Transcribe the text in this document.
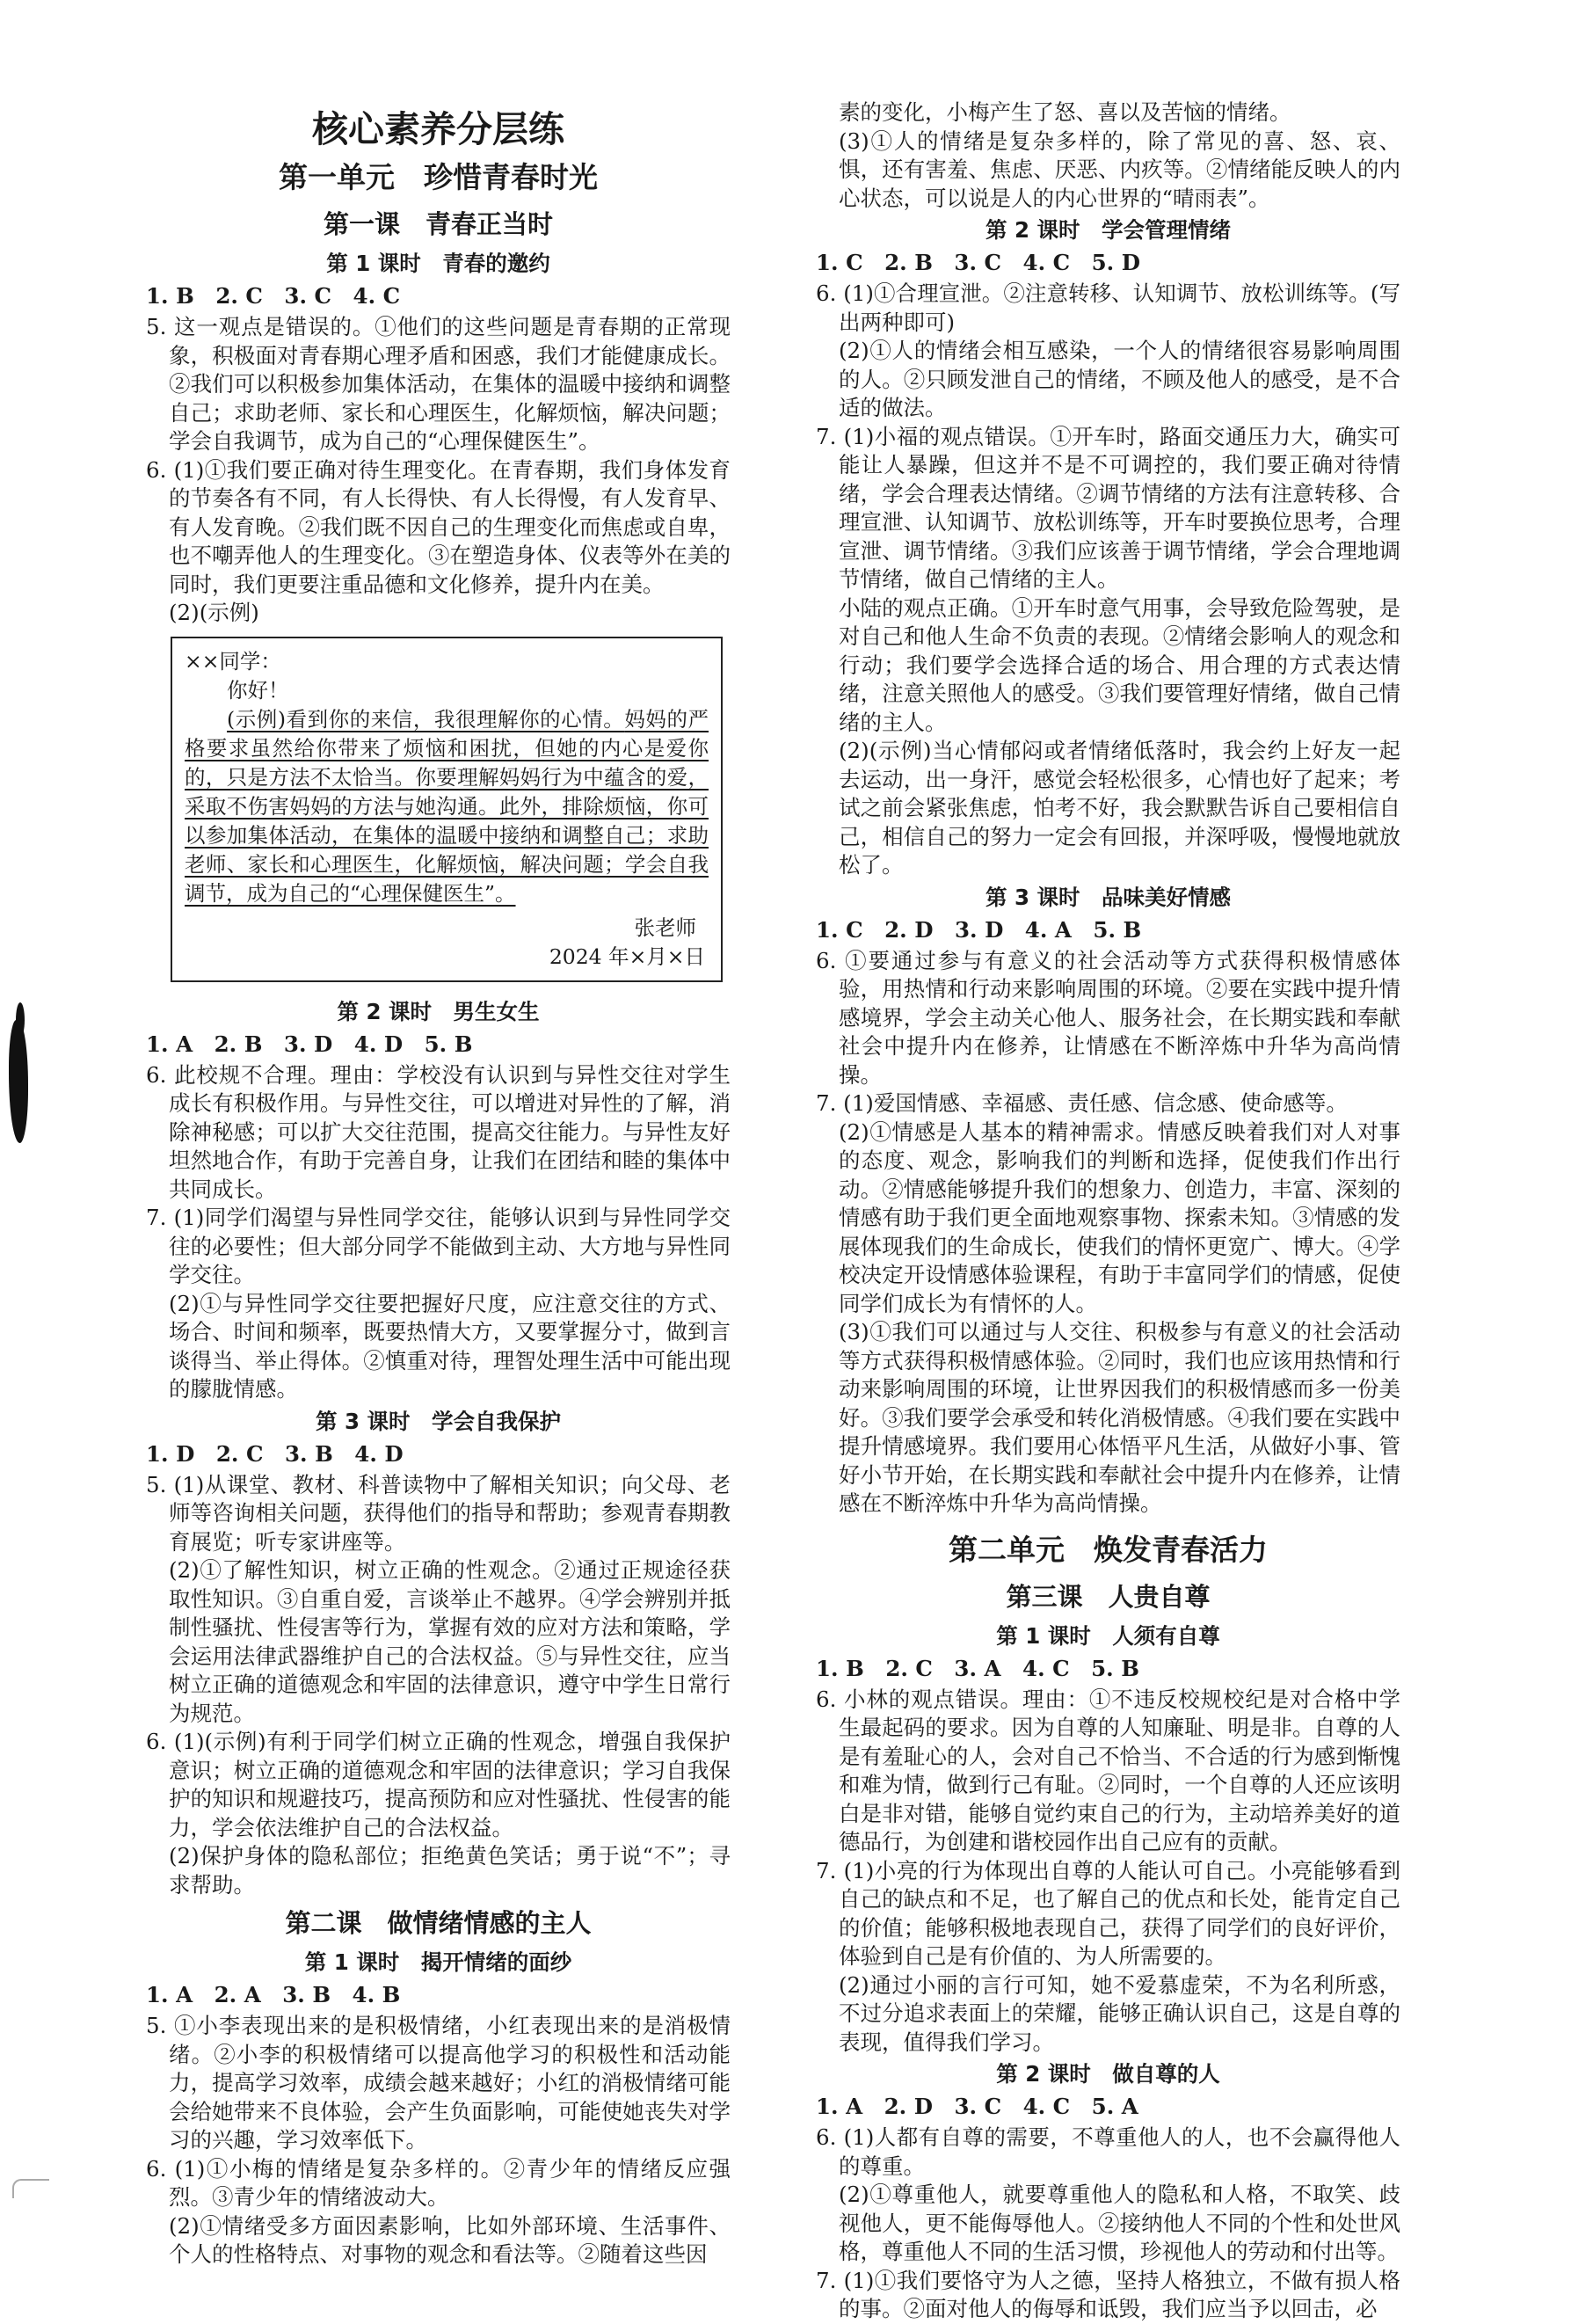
核心素养分层练
第一单元　珍惜青春时光
第一课　青春正当时
第 1 课时　青春的邀约

1. B　2. C　3. C　4. C

5. 这一观点是错误的。①他们的这些问题是青春期的正常现象，积极面对青春期心理矛盾和困惑，我们才能健康成长。②我们可以积极参加集体活动，在集体的温暖中接纳和调整自己；求助老师、家长和心理医生，化解烦恼，解决问题；学会自我调节，成为自己的“心理保健医生”。

6. (1)①我们要正确对待生理变化。在青春期，我们身体发育的节奏各有不同，有人长得快、有人长得慢，有人发育早、有人发育晚。②我们既不因自己的生理变化而焦虑或自卑，也不嘲弄他人的生理变化。③在塑造身体、仪表等外在美的同时，我们更要注重品德和文化修养，提升内在美。

(2)(示例)

××同学：

你好！

(示例)看到你的来信，我很理解你的心情。妈妈的严格要求虽然给你带来了烦恼和困扰，但她的内心是爱你的，只是方法不太恰当。你要理解妈妈行为中蕴含的爱，采取不伤害妈妈的方法与她沟通。此外，排除烦恼，你可以参加集体活动，在集体的温暖中接纳和调整自己；求助老师、家长和心理医生，化解烦恼，解决问题；学会自我调节，成为自己的“心理保健医生”。

张老师

2024 年×月×日

第 2 课时　男生女生

1. A　2. B　3. D　4. D　5. B

6. 此校规不合理。理由：学校没有认识到与异性交往对学生成长有积极作用。与异性交往，可以增进对异性的了解，消除神秘感；可以扩大交往范围，提高交往能力。与异性友好坦然地合作，有助于完善自身，让我们在团结和睦的集体中共同成长。

7. (1)同学们渴望与异性同学交往，能够认识到与异性同学交往的必要性；但大部分同学不能做到主动、大方地与异性同学交往。

(2)①与异性同学交往要把握好尺度，应注意交往的方式、场合、时间和频率，既要热情大方，又要掌握分寸，做到言谈得当、举止得体。②慎重对待，理智处理生活中可能出现的朦胧情感。

第 3 课时　学会自我保护

1. D　2. C　3. B　4. D

5. (1)从课堂、教材、科普读物中了解相关知识；向父母、老师等咨询相关问题，获得他们的指导和帮助；参观青春期教育展览；听专家讲座等。

(2)①了解性知识，树立正确的性观念。②通过正规途径获取性知识。③自重自爱，言谈举止不越界。④学会辨别并抵制性骚扰、性侵害等行为，掌握有效的应对方法和策略，学会运用法律武器维护自己的合法权益。⑤与异性交往，应当树立正确的道德观念和牢固的法律意识，遵守中学生日常行为规范。

6. (1)(示例)有利于同学们树立正确的性观念，增强自我保护意识；树立正确的道德观念和牢固的法律意识；学习自我保护的知识和规避技巧，提高预防和应对性骚扰、性侵害的能力，学会依法维护自己的合法权益。

(2)保护身体的隐私部位；拒绝黄色笑话；勇于说“不”；寻求帮助。

第二课　做情绪情感的主人
第 1 课时　揭开情绪的面纱

1. A　2. A　3. B　4. B

5. ①小李表现出来的是积极情绪，小红表现出来的是消极情绪。②小李的积极情绪可以提高他学习的积极性和活动能力，提高学习效率，成绩会越来越好；小红的消极情绪可能会给她带来不良体验，会产生负面影响，可能使她丧失对学习的兴趣，学习效率低下。

6. (1)①小梅的情绪是复杂多样的。②青少年的情绪反应强烈。③青少年的情绪波动大。

(2)①情绪受多方面因素影响，比如外部环境、生活事件、个人的性格特点、对事物的观念和看法等。②随着这些因

素的变化，小梅产生了怒、喜以及苦恼的情绪。

(3)①人的情绪是复杂多样的，除了常见的喜、怒、哀、惧，还有害羞、焦虑、厌恶、内疚等。②情绪能反映人的内心状态，可以说是人的内心世界的“晴雨表”。

第 2 课时　学会管理情绪

1. C　2. B　3. C　4. C　5. D

6. (1)①合理宣泄。②注意转移、认知调节、放松训练等。(写出两种即可)

(2)①人的情绪会相互感染，一个人的情绪很容易影响周围的人。②只顾发泄自己的情绪，不顾及他人的感受，是不合适的做法。

7. (1)小福的观点错误。①开车时，路面交通压力大，确实可能让人暴躁，但这并不是不可调控的，我们要正确对待情绪，学会合理表达情绪。②调节情绪的方法有注意转移、合理宣泄、认知调节、放松训练等，开车时要换位思考，合理宣泄、调节情绪。③我们应该善于调节情绪，学会合理地调节情绪，做自己情绪的主人。

小陆的观点正确。①开车时意气用事，会导致危险驾驶，是对自己和他人生命不负责的表现。②情绪会影响人的观念和行动；我们要学会选择合适的场合、用合理的方式表达情绪，注意关照他人的感受。③我们要管理好情绪，做自己情绪的主人。

(2)(示例)当心情郁闷或者情绪低落时，我会约上好友一起去运动，出一身汗，感觉会轻松很多，心情也好了起来；考试之前会紧张焦虑，怕考不好，我会默默告诉自己要相信自己，相信自己的努力一定会有回报，并深呼吸，慢慢地就放松了。

第 3 课时　品味美好情感

1. C　2. D　3. D　4. A　5. B

6. ①要通过参与有意义的社会活动等方式获得积极情感体验，用热情和行动来影响周围的环境。②要在实践中提升情感境界，学会主动关心他人、服务社会，在长期实践和奉献社会中提升内在修养，让情感在不断淬炼中升华为高尚情操。

7. (1)爱国情感、幸福感、责任感、信念感、使命感等。

(2)①情感是人基本的精神需求。情感反映着我们对人对事的态度、观念，影响我们的判断和选择，促使我们作出行动。②情感能够提升我们的想象力、创造力，丰富、深刻的情感有助于我们更全面地观察事物、探索未知。③情感的发展体现我们的生命成长，使我们的情怀更宽广、博大。④学校决定开设情感体验课程，有助于丰富同学们的情感，促使同学们成长为有情怀的人。

(3)①我们可以通过与人交往、积极参与有意义的社会活动等方式获得积极情感体验。②同时，我们也应该用热情和行动来影响周围的环境，让世界因我们的积极情感而多一份美好。③我们要学会承受和转化消极情感。④我们要在实践中提升情感境界。我们要用心体悟平凡生活，从做好小事、管好小节开始，在长期实践和奉献社会中提升内在修养，让情感在不断淬炼中升华为高尚情操。

第二单元　焕发青春活力
第三课　人贵自尊
第 1 课时　人须有自尊

1. B　2. C　3. A　4. C　5. B

6. 小林的观点错误。理由：①不违反校规校纪是对合格中学生最起码的要求。因为自尊的人知廉耻、明是非。自尊的人是有羞耻心的人，会对自己不恰当、不合适的行为感到惭愧和难为情，做到行己有耻。②同时，一个自尊的人还应该明白是非对错，能够自觉约束自己的行为，主动培养美好的道德品行，为创建和谐校园作出自己应有的贡献。

7. (1)小亮的行为体现出自尊的人能认可自己。小亮能够看到自己的缺点和不足，也了解自己的优点和长处，能肯定自己的价值；能够积极地表现自己，获得了同学们的良好评价，体验到自己是有价值的、为人所需要的。

(2)通过小丽的言行可知，她不爱慕虚荣，不为名利所惑，不过分追求表面上的荣耀，能够正确认识自己，这是自尊的表现，值得我们学习。

第 2 课时　做自尊的人

1. A　2. D　3. C　4. C　5. A

6. (1)人都有自尊的需要，不尊重他人的人，也不会赢得他人的尊重。

(2)①尊重他人，就要尊重他人的隐私和人格，不取笑、歧视他人，更不能侮辱他人。②接纳他人不同的个性和处世风格，尊重他人不同的生活习惯，珍视他人的劳动和付出等。

7. (1)①我们要恪守为人之德，坚持人格独立，不做有损人格的事。②面对他人的侮辱和诋毁，我们应当予以回击，必
